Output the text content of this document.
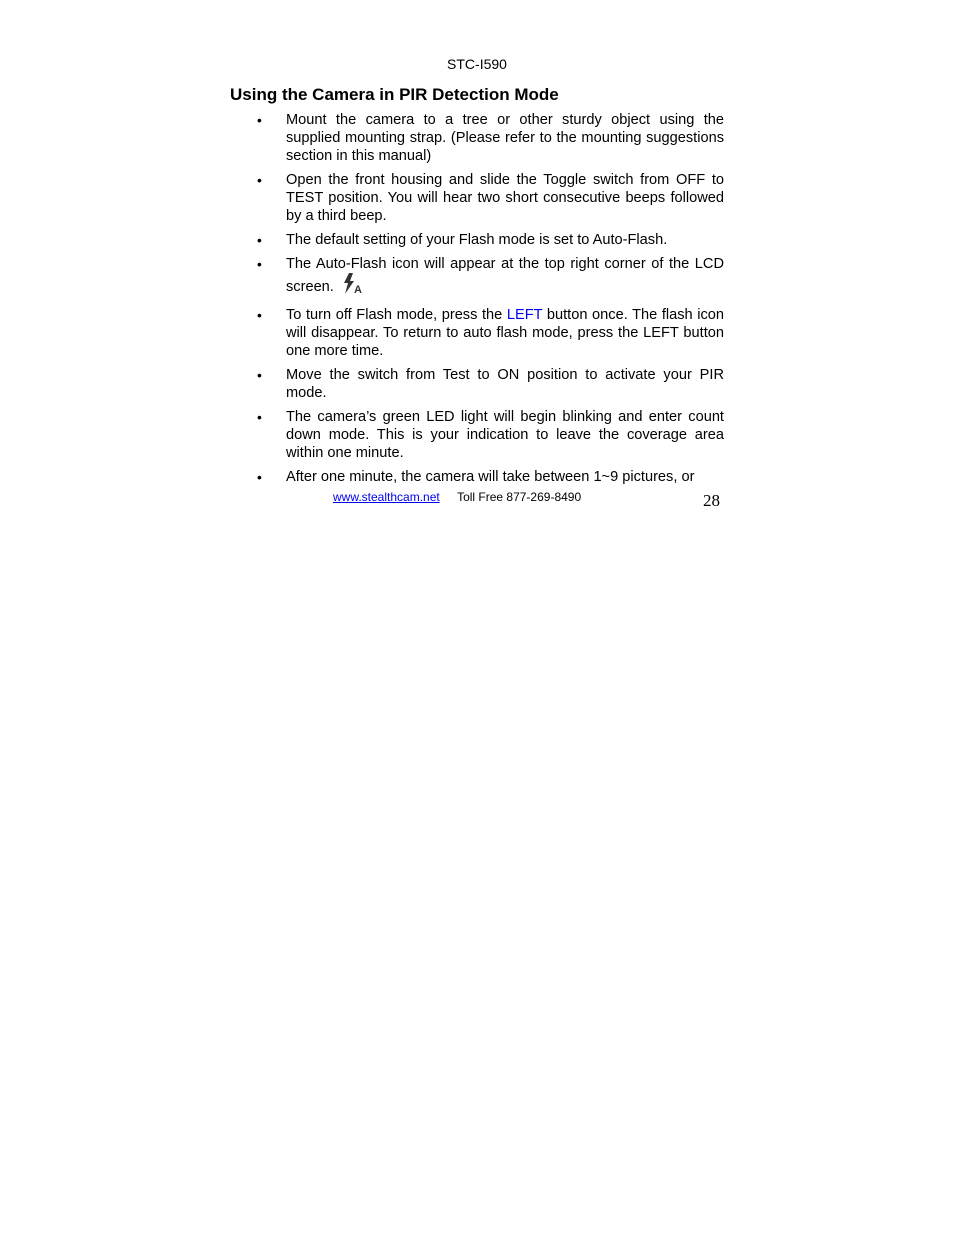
STC-I590
Using the Camera in PIR Detection Mode
• Mount the camera to a tree or other sturdy object using the supplied mounting strap. (Please refer to the mounting suggestions section in this manual)
• Open the front housing and slide the Toggle switch from OFF to TEST position. You will hear two short consecutive beeps followed by a third beep.
• The default setting of your Flash mode is set to Auto-Flash.
• The Auto-Flash icon will appear at the top right corner of the LCD screen. A
• To turn off Flash mode, press the LEFT button once. The flash icon will disappear. To return to auto flash mode, press the LEFT button one more time.
• Move the switch from Test to ON position to activate your PIR mode.
• The camera’s green LED light will begin blinking and enter count down mode. This is your indication to leave the coverage area within one minute.
• After one minute, the camera will take between 1~9 pictures, or
www.stealthcam.net Toll Free 877-269-8490	28
